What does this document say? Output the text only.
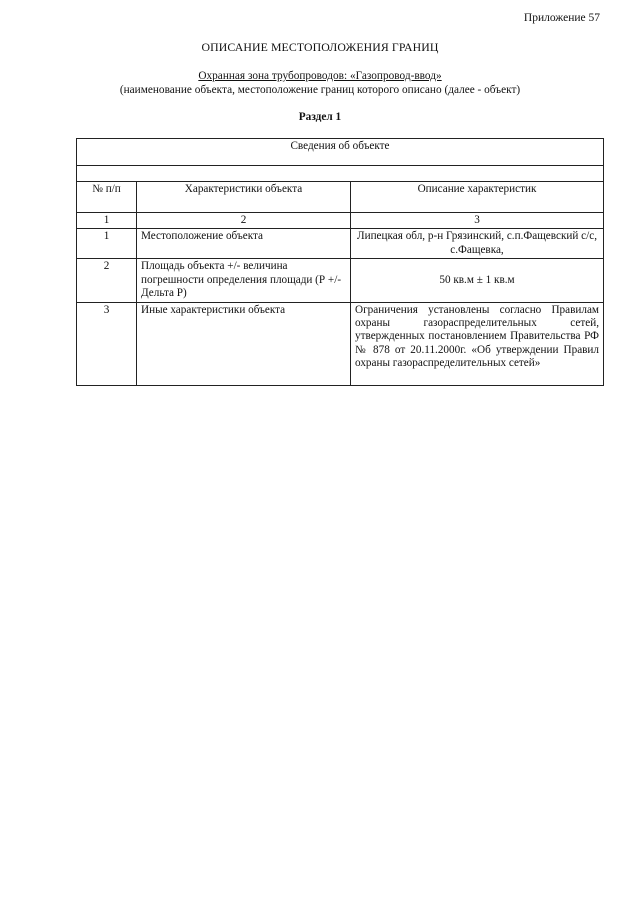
Приложение 57
ОПИСАНИЕ МЕСТОПОЛОЖЕНИЯ ГРАНИЦ
Охранная зона трубопроводов: «Газопровод-ввод»
(наименование объекта, местоположение границ которого описано (далее - объект)
Раздел 1
Сведения об объекте		

№ п/п	Характеристики объекта	Описание характеристик
1	2	3
1	Местоположение объекта	Липецкая обл, р-н Грязинский, с.п.Фащевский с/с, с.Фащевка,
2	Площадь объекта +/- величина погрешности определения площади (Р +/- Дельта Р)	50 кв.м ± 1 кв.м
3	Иные характеристики объекта	Ограничения установлены согласно Правилам охраны газораспределительных сетей, утвержденных постановлением Правительства РФ № 878 от 20.11.2000г. «Об утверждении Правил охраны газораспределительных сетей»
